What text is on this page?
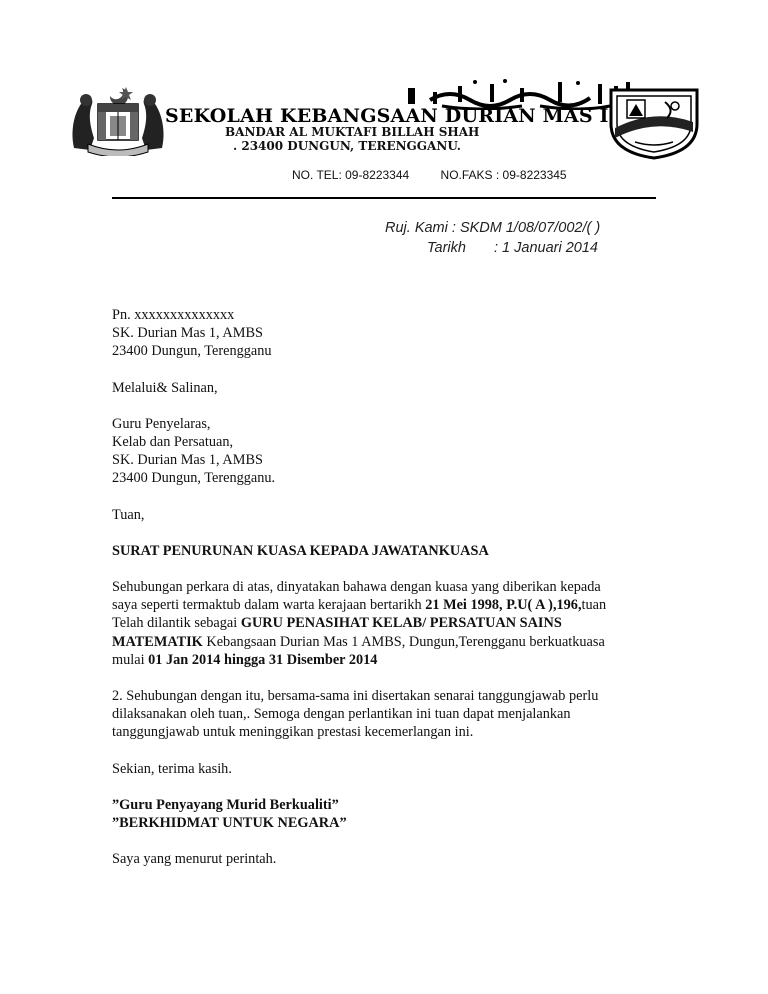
SEKOLAH KEBANGSAAN DURIAN MAS I
BANDAR AL MUKTAFI BILLAH SHAH
. 23400 DUNGUN, TERENGGANU.
NO. TEL: 09-8223344	NO.FAKS : 09-8223345
Ruj. Kami : SKDM 1/08/07/002/( )
Tarikh : 1 Januari 2014
Pn. xxxxxxxxxxxxxx
SK. Durian Mas 1, AMBS
23400 Dungun, Terengganu
Melalui& Salinan,
Guru Penyelaras,
Kelab dan Persatuan,
SK. Durian Mas 1, AMBS
23400 Dungun, Terengganu.
Tuan,
SURAT PENURUNAN KUASA KEPADA JAWATANKUASA
Sehubungan perkara di atas, dinyatakan bahawa dengan kuasa yang diberikan kepada
saya seperti termaktub dalam warta kerajaan bertarikh 21 Mei 1998, P.U( A ),196,tuan
Telah dilantik sebagai GURU PENASIHAT KELAB/ PERSATUAN SAINS
MATEMATIK Kebangsaan Durian Mas 1 AMBS, Dungun,Terengganu berkuatkuasa
mulai 01 Jan 2014 hingga 31 Disember 2014
2. Sehubungan dengan itu, bersama-sama ini disertakan senarai tanggungjawab perlu
dilaksanakan oleh tuan,. Semoga dengan perlantikan ini tuan dapat menjalankan
tanggungjawab untuk meninggikan prestasi kecemerlangan ini.
Sekian, terima kasih.
”Guru Penyayang Murid Berkualiti”
”BERKHIDMAT UNTUK NEGARA”
Saya yang menurut perintah.
